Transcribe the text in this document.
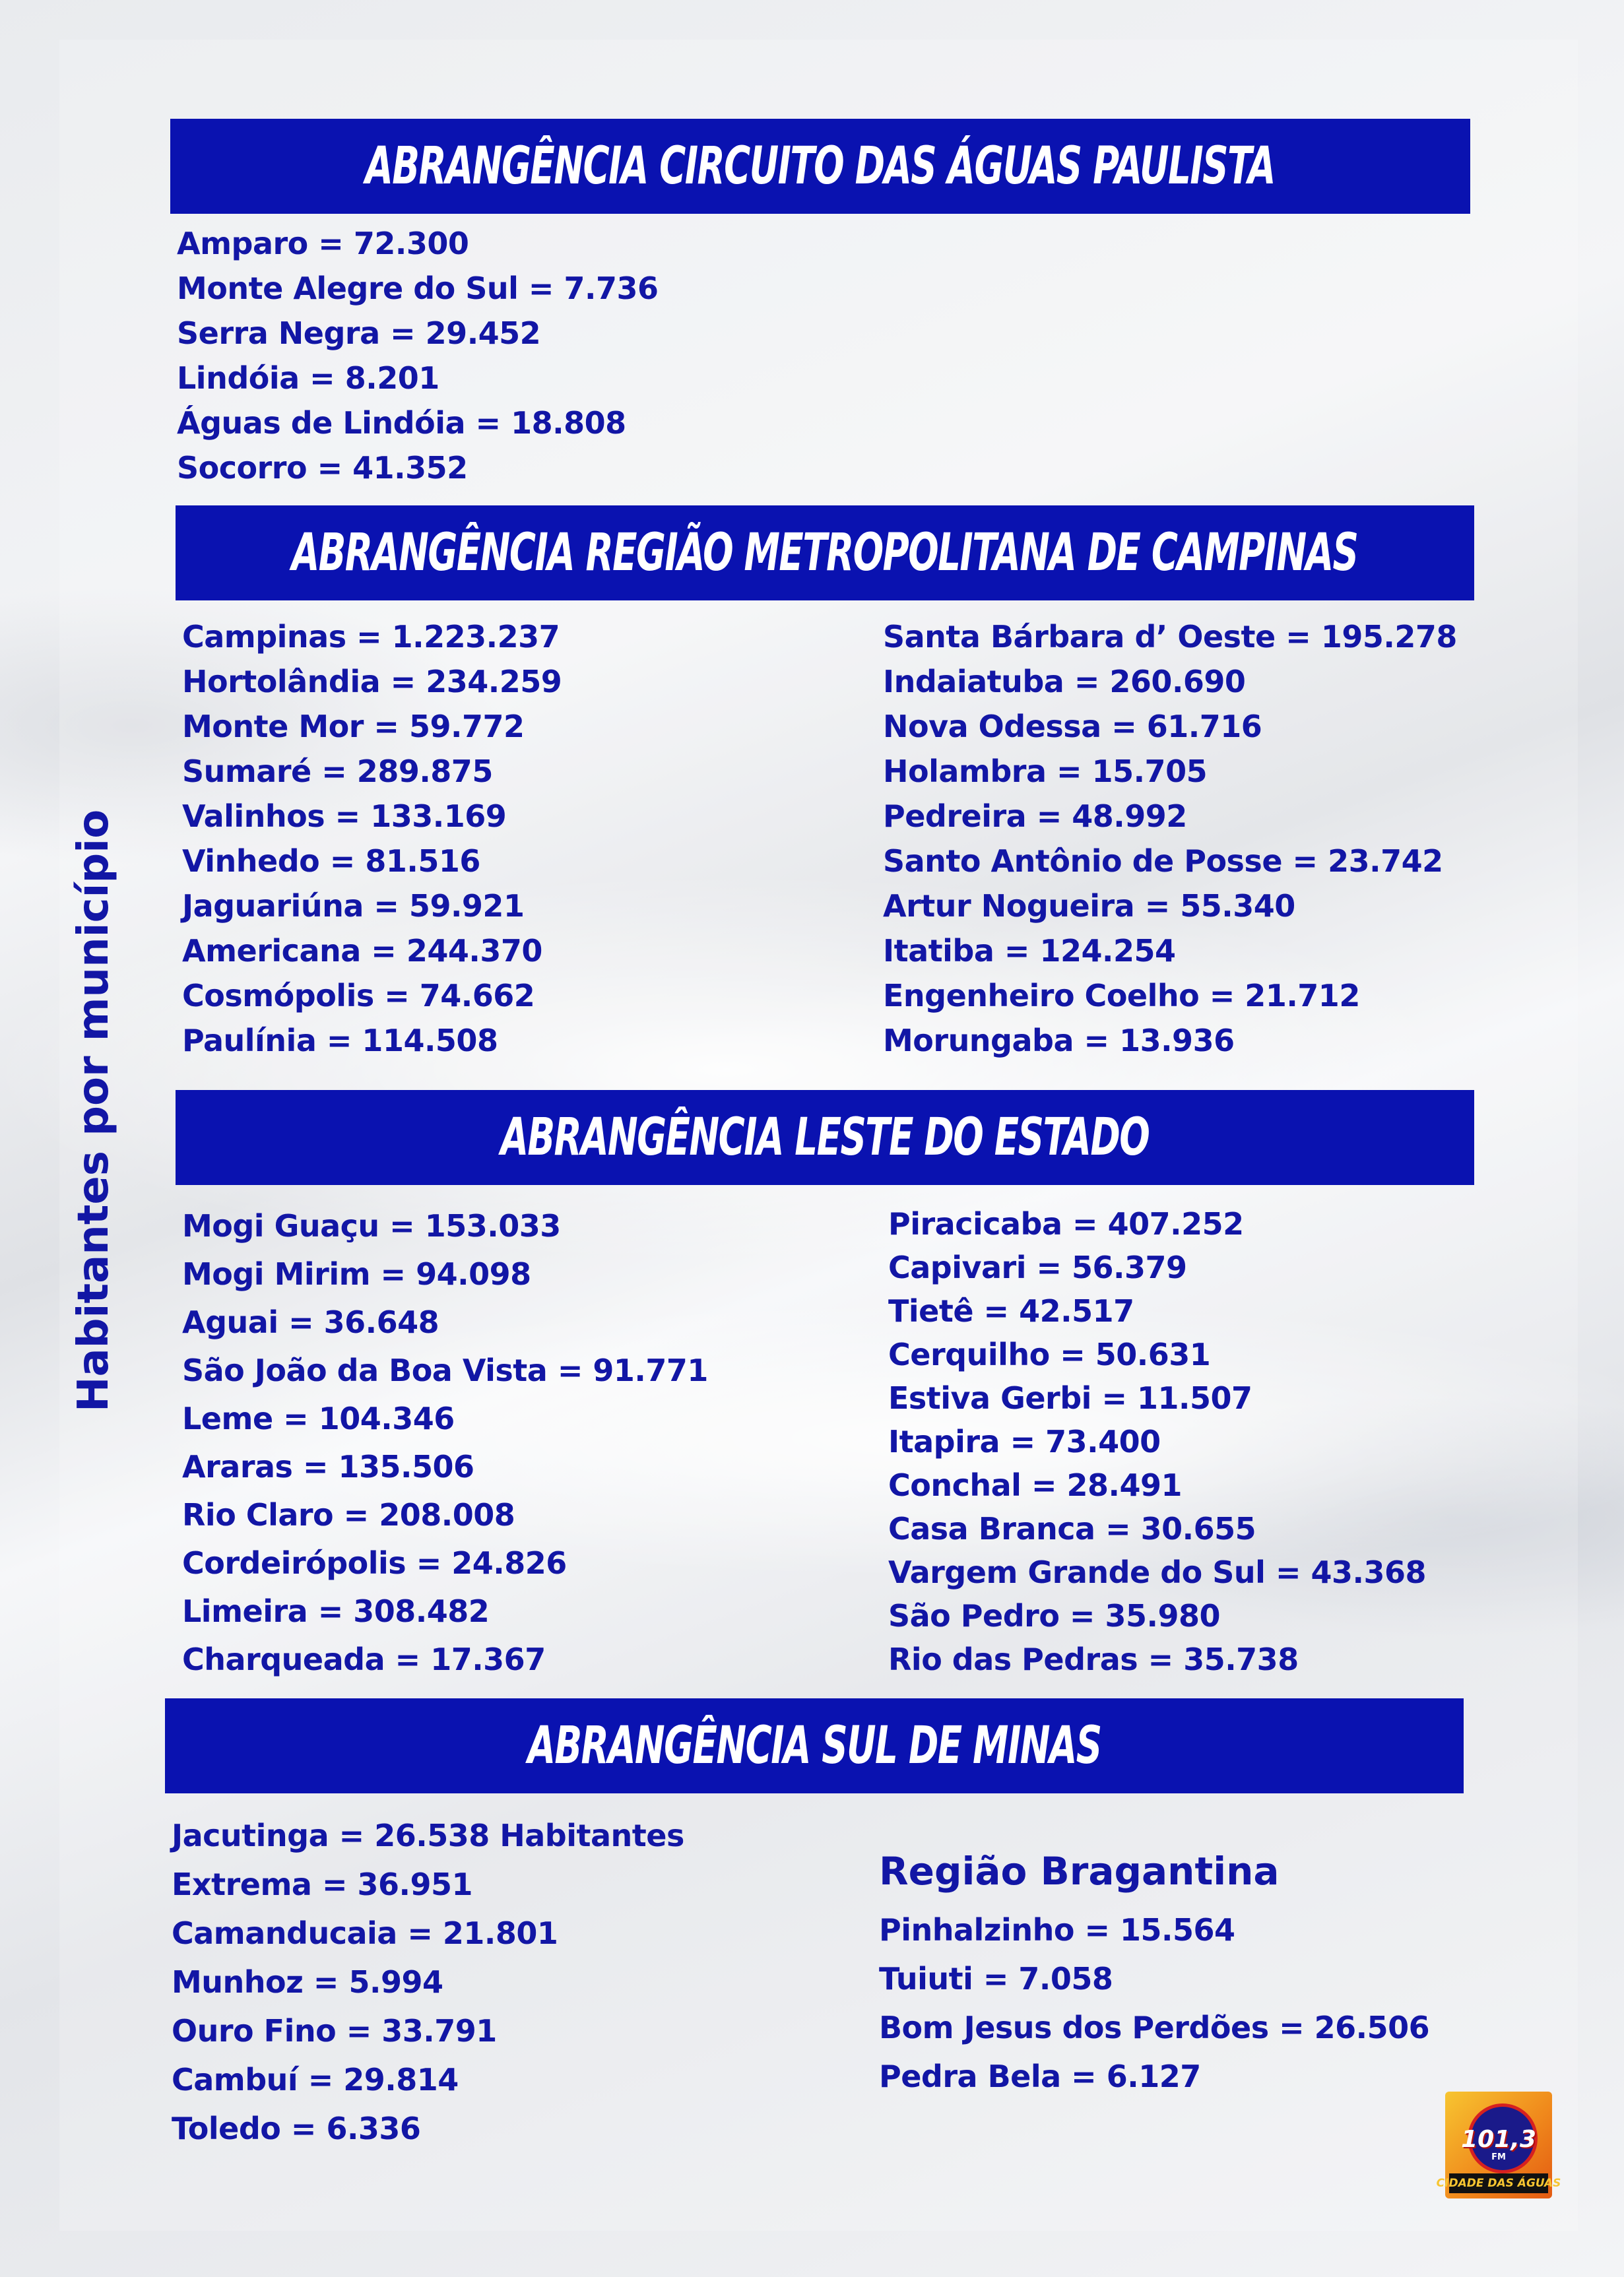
Habitantes por município
ABRANGÊNCIA CIRCUITO DAS ÁGUAS PAULISTA
Amparo = 72.300
Monte Alegre do Sul = 7.736
Serra Negra = 29.452
Lindóia = 8.201
Águas de Lindóia = 18.808
Socorro = 41.352
ABRANGÊNCIA REGIÃO METROPOLITANA DE CAMPINAS
Campinas = 1.223.237
Hortolândia = 234.259
Monte Mor = 59.772
Sumaré = 289.875
Valinhos = 133.169
Vinhedo = 81.516
Jaguariúna = 59.921
Americana = 244.370
Cosmópolis = 74.662
Paulínia = 114.508
Santa Bárbara d’ Oeste = 195.278
Indaiatuba = 260.690
Nova Odessa = 61.716
Holambra = 15.705
Pedreira = 48.992
Santo Antônio de Posse = 23.742
Artur Nogueira = 55.340
Itatiba = 124.254
Engenheiro Coelho = 21.712
Morungaba = 13.936
ABRANGÊNCIA LESTE DO ESTADO
Mogi Guaçu = 153.033
Mogi Mirim = 94.098
Aguai = 36.648
São João da Boa Vista = 91.771
Leme = 104.346
Araras = 135.506
Rio Claro = 208.008
Cordeirópolis = 24.826
Limeira = 308.482
Charqueada = 17.367
Piracicaba = 407.252
Capivari = 56.379
Tietê = 42.517
Cerquilho = 50.631
Estiva Gerbi = 11.507
Itapira = 73.400
Conchal = 28.491
Casa Branca = 30.655
Vargem Grande do Sul = 43.368
São Pedro = 35.980
Rio das Pedras = 35.738
ABRANGÊNCIA SUL DE MINAS
Jacutinga = 26.538 Habitantes
Extrema = 36.951
Camanducaia = 21.801
Munhoz = 5.994
Ouro Fino = 33.791
Cambuí = 29.814
Toledo = 6.336
Região Bragantina
Pinhalzinho = 15.564
Tuiuti = 7.058
Bom Jesus dos Perdões = 26.506
Pedra Bela = 6.127
101,3
FM
CIDADE DAS ÁGUAS
